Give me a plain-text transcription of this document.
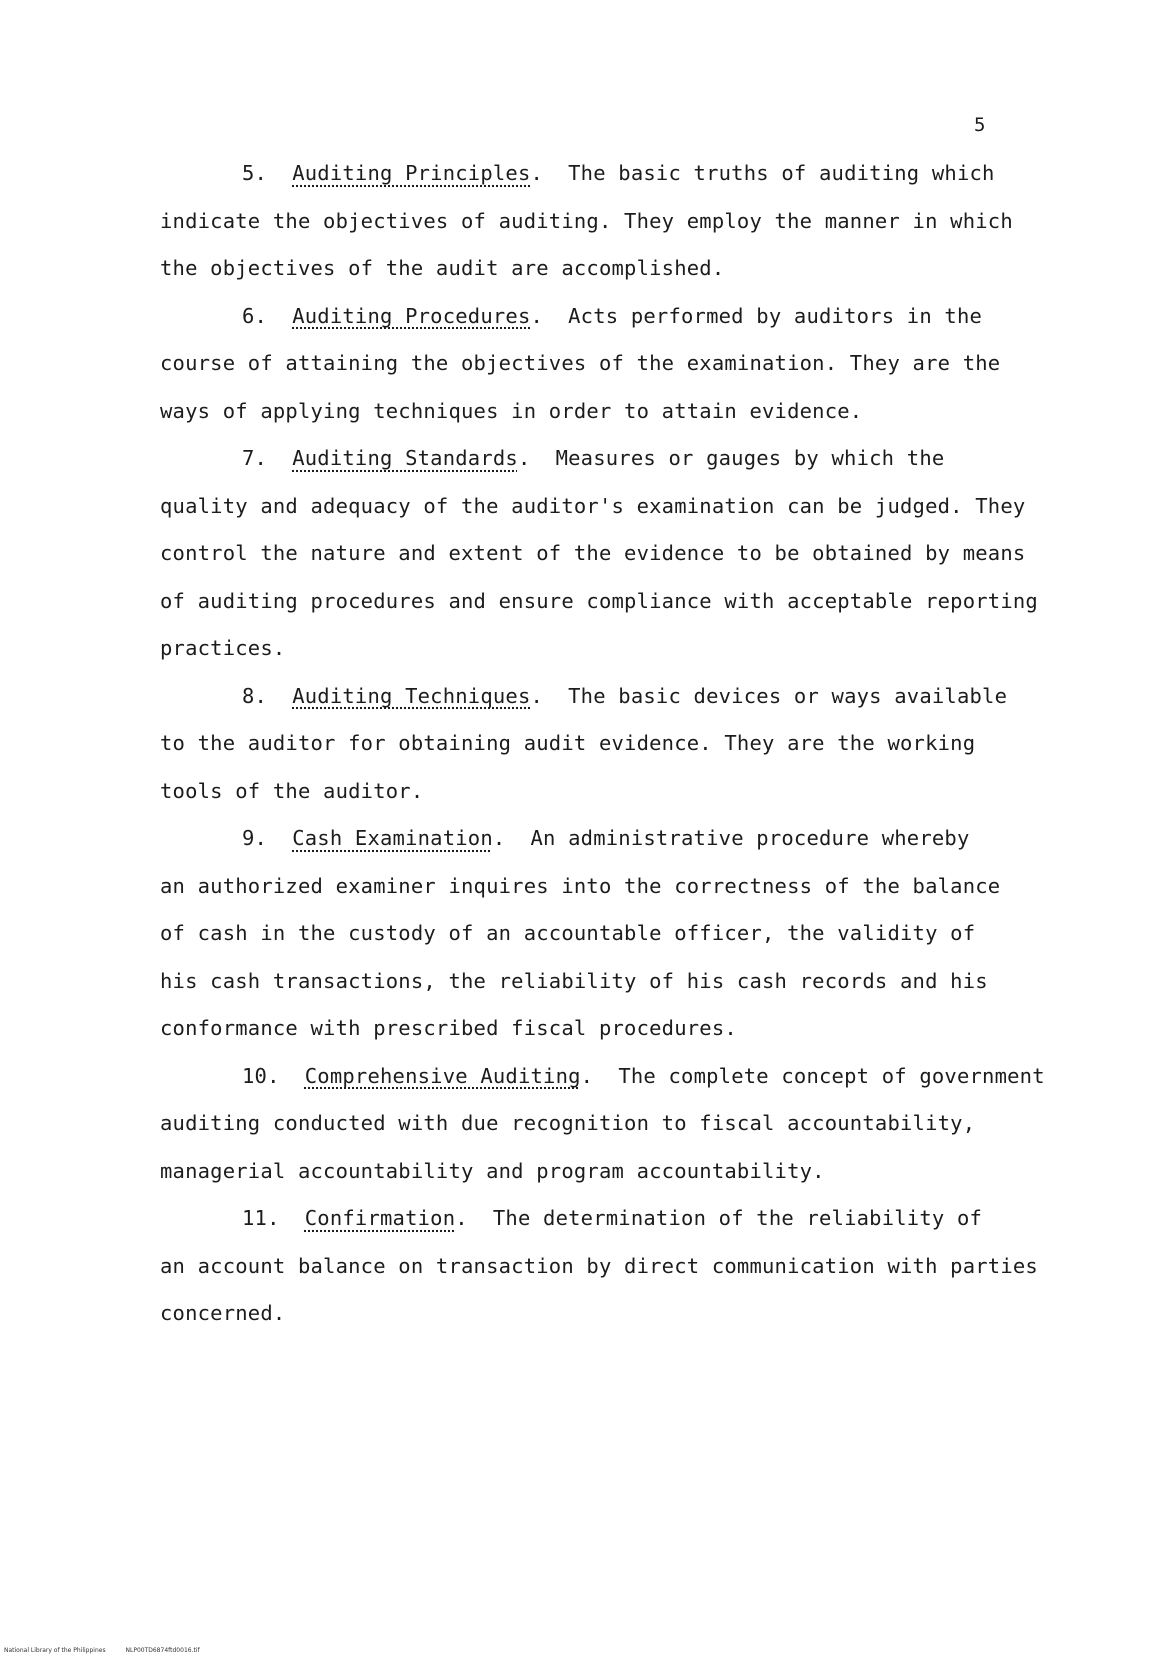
5

5. Auditing Principles.  The basic truths of auditing which

indicate the objectives of auditing. They employ the manner in which

the objectives of the audit are accomplished.

6. Auditing Procedures.  Acts performed by auditors in the

course of attaining the objectives of the examination. They are the

ways of applying techniques in order to attain evidence.

7. Auditing Standards.  Measures or gauges by which the

quality and adequacy of the auditor's examination can be judged. They

control the nature and extent of the evidence to be obtained by means

of auditing procedures and ensure compliance with acceptable reporting

practices.

8. Auditing Techniques.  The basic devices or ways available

to the auditor for obtaining audit evidence. They are the working

tools of the auditor.

9. Cash Examination.  An administrative procedure whereby

an authorized examiner inquires into the correctness of the balance

of cash in the custody of an accountable officer, the validity of

his cash transactions, the reliability of his cash records and his

conformance with prescribed fiscal procedures.

10. Comprehensive Auditing.  The complete concept of government

auditing conducted with due recognition to fiscal accountability,

managerial accountability and program accountability.

11. Confirmation.  The determination of the reliability of

an account balance on transaction by direct communication with parties

concerned.

National Library of the Philippines	NLP00TD6874ftd0016.tif
